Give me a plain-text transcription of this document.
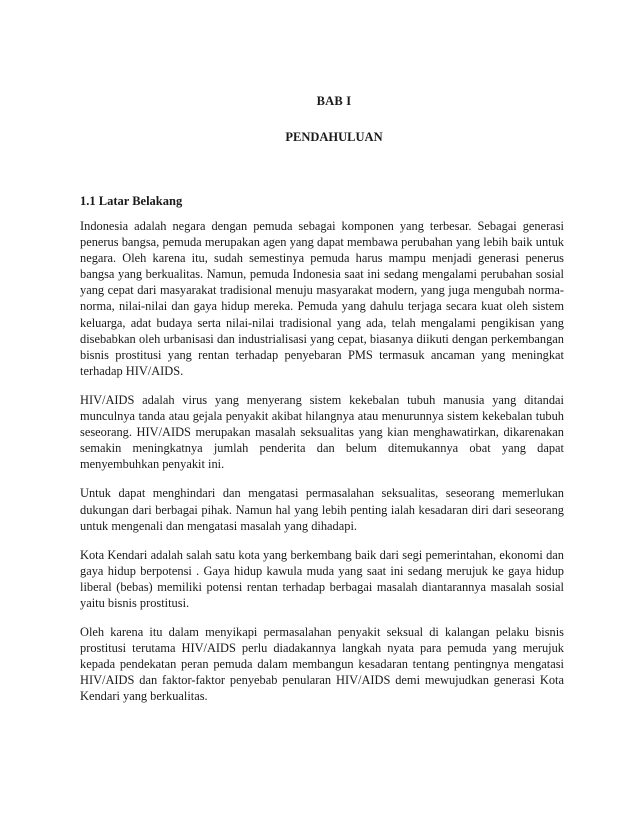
BAB I
PENDAHULUAN
1.1 Latar Belakang

Indonesia adalah negara dengan pemuda sebagai komponen yang terbesar. Sebagai generasi penerus bangsa, pemuda merupakan agen yang dapat membawa perubahan yang lebih baik untuk negara. Oleh karena itu, sudah semestinya pemuda harus mampu menjadi generasi penerus bangsa yang berkualitas. Namun, pemuda Indonesia saat ini sedang mengalami perubahan sosial yang cepat dari masyarakat tradisional menuju masyarakat modern, yang juga mengubah norma-norma, nilai-nilai dan gaya hidup mereka. Pemuda yang dahulu terjaga secara kuat oleh sistem keluarga, adat budaya serta nilai-nilai tradisional yang ada, telah mengalami pengikisan yang disebabkan oleh urbanisasi dan industrialisasi yang cepat, biasanya diikuti dengan perkembangan bisnis prostitusi yang rentan terhadap penyebaran PMS termasuk ancaman yang meningkat terhadap HIV/AIDS.

HIV/AIDS adalah virus yang menyerang sistem kekebalan tubuh manusia yang ditandai munculnya tanda atau gejala penyakit akibat hilangnya atau menurunnya sistem kekebalan tubuh seseorang. HIV/AIDS merupakan masalah seksualitas yang kian menghawatirkan, dikarenakan semakin meningkatnya jumlah penderita dan belum ditemukannya obat yang dapat menyembuhkan penyakit ini.

Untuk dapat menghindari dan mengatasi permasalahan seksualitas, seseorang memerlukan dukungan dari berbagai pihak. Namun hal yang lebih penting ialah kesadaran diri dari seseorang untuk mengenali dan mengatasi masalah yang dihadapi.

Kota Kendari adalah salah satu kota yang berkembang baik dari segi pemerintahan, ekonomi dan gaya hidup berpotensi . Gaya hidup kawula muda yang saat ini sedang merujuk ke gaya hidup liberal (bebas) memiliki potensi rentan terhadap berbagai masalah diantarannya masalah sosial yaitu bisnis prostitusi.

Oleh karena itu dalam menyikapi permasalahan penyakit seksual di kalangan pelaku bisnis prostitusi terutama HIV/AIDS perlu diadakannya langkah nyata para pemuda yang merujuk kepada pendekatan peran pemuda dalam membangun kesadaran tentang pentingnya mengatasi HIV/AIDS dan faktor-faktor penyebab penularan HIV/AIDS demi mewujudkan generasi Kota Kendari yang berkualitas.
